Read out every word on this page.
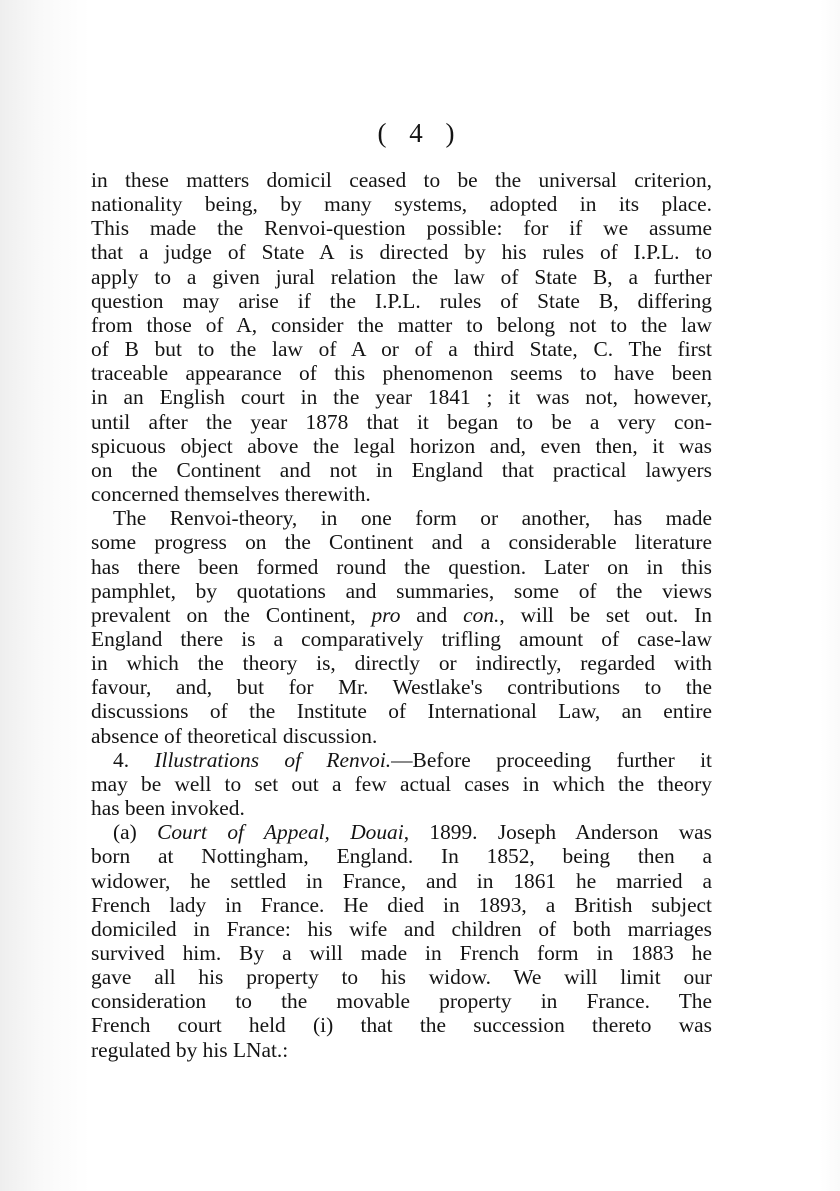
( 4 )

in these matters domicil ceased to be the universal criterion,

nationality being, by many systems, adopted in its place.

This made the Renvoi-question possible: for if we assume

that a judge of State A is directed by his rules of I.P.L. to

apply to a given jural relation the law of State B, a further

question may arise if the I.P.L. rules of State B, differing

from those of A, consider the matter to belong not to the law

of B but to the law of A or of a third State, C. The first

traceable appearance of this phenomenon seems to have been

in an English court in the year 1841 ; it was not, however,

until after the year 1878 that it began to be a very con-

spicuous object above the legal horizon and, even then, it was

on the Continent and not in England that practical lawyers

concerned themselves therewith.

The Renvoi-theory, in one form or another, has made

some progress on the Continent and a considerable literature

has there been formed round the question. Later on in this

pamphlet, by quotations and summaries, some of the views

prevalent on the Continent, pro and con., will be set out. In

England there is a comparatively trifling amount of case-law

in which the theory is, directly or indirectly, regarded with

favour, and, but for Mr. Westlake's contributions to the

discussions of the Institute of International Law, an entire

absence of theoretical discussion.

4. Illustrations of Renvoi.—Before proceeding further it

may be well to set out a few actual cases in which the theory

has been invoked.

(a) Court of Appeal, Douai, 1899. Joseph Anderson was

born at Nottingham, England. In 1852, being then a

widower, he settled in France, and in 1861 he married a

French lady in France. He died in 1893, a British subject

domiciled in France: his wife and children of both marriages

survived him. By a will made in French form in 1883 he

gave all his property to his widow. We will limit our

consideration to the movable property in France. The

French court held (i) that the succession thereto was

regulated by his LNat.:
